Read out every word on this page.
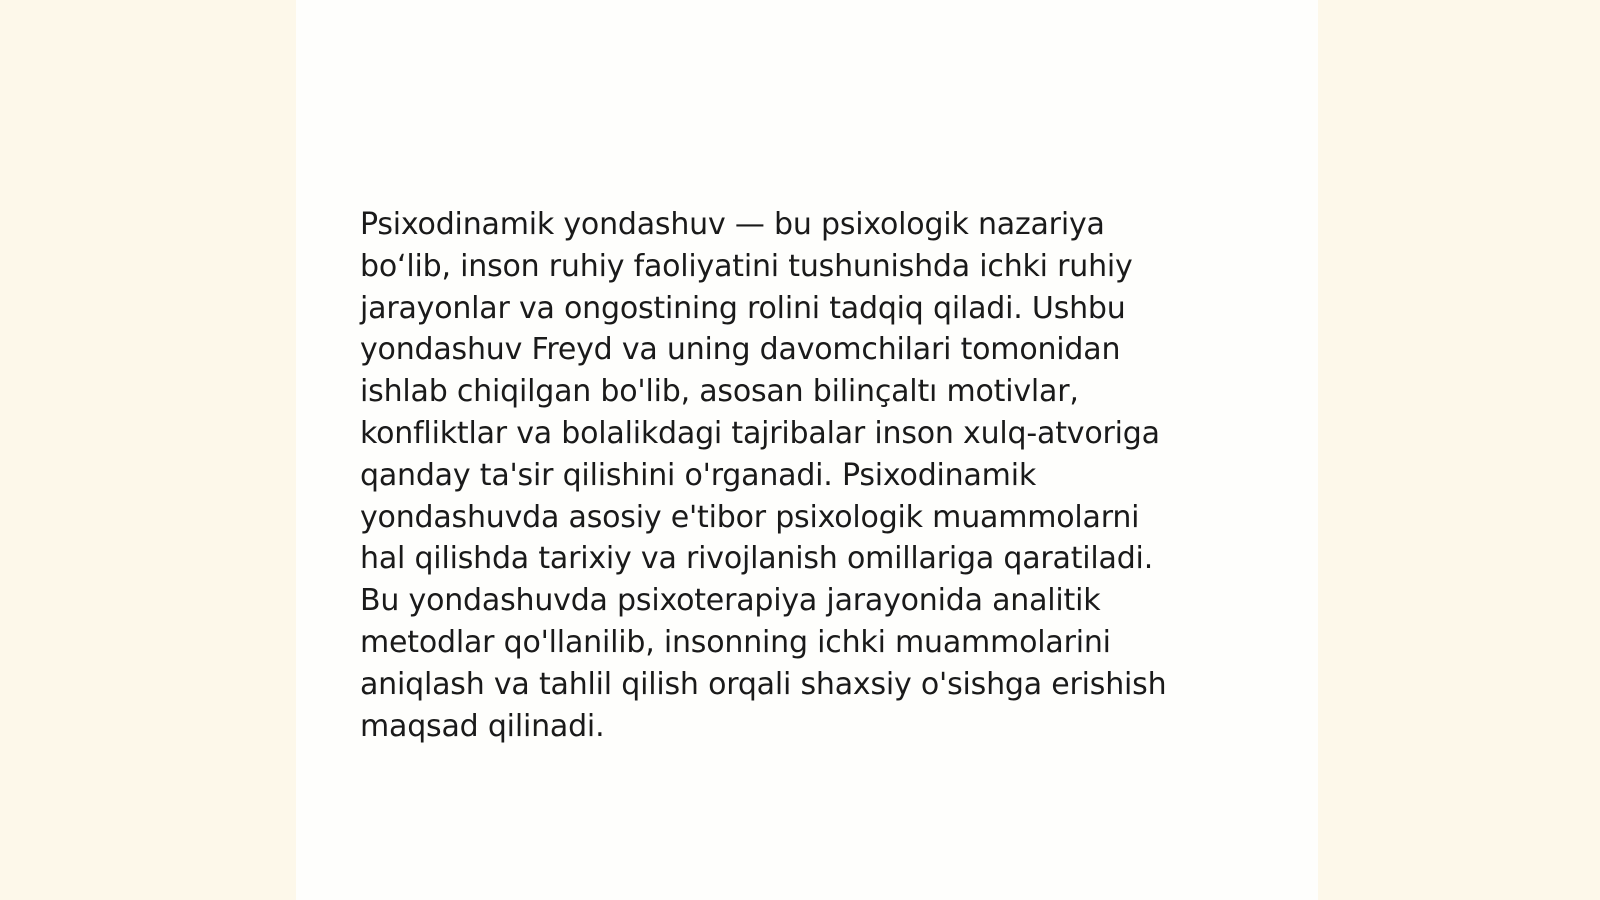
Psixodinamik yondashuv — bu psixologik nazariya
bo‘lib, inson ruhiy faoliyatini tushunishda ichki ruhiy
jarayonlar va ongostining rolini tadqiq qiladi. Ushbu
yondashuv Freyd va uning davomchilari tomonidan
ishlab chiqilgan bo'lib, asosan bilinçaltı motivlar,
konfliktlar va bolalikdagi tajribalar inson xulq-atvoriga
qanday ta'sir qilishini o'rganadi. Psixodinamik
yondashuvda asosiy e'tibor psixologik muammolarni
hal qilishda tarixiy va rivojlanish omillariga qaratiladi.
Bu yondashuvda psixoterapiya jarayonida analitik
metodlar qo'llanilib, insonning ichki muammolarini
aniqlash va tahlil qilish orqali shaxsiy o'sishga erishish
maqsad qilinadi.
